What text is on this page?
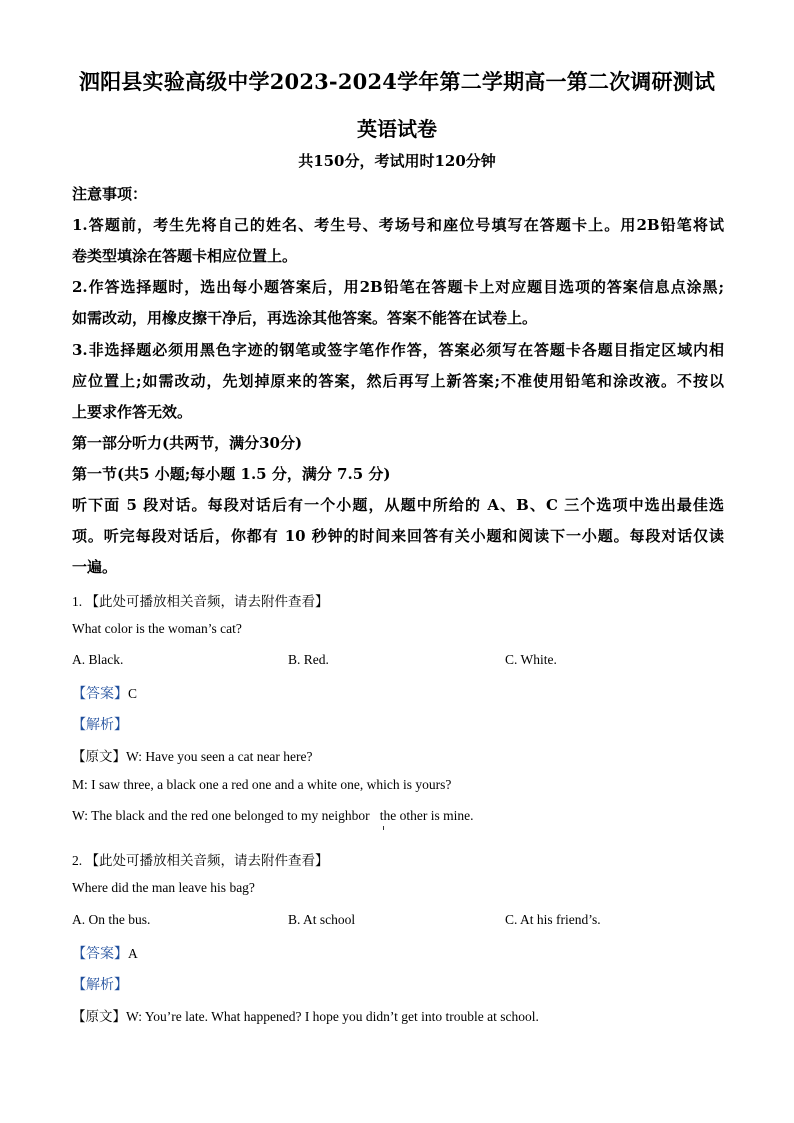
泗阳县实验高级中学2023-2024学年第二学期高一第二次调研测试
英语试卷
共150分，考试用时120分钟
注意事项：
1.答题前，考生先将自己的姓名、考生号、考场号和座位号填写在答题卡上。用2B铅笔将试
卷类型填涂在答题卡相应位置上。
2.作答选择题时，选出每小题答案后，用2B铅笔在答题卡上对应题目选项的答案信息点涂黑;
如需改动，用橡皮擦干净后，再选涂其他答案。答案不能答在试卷上。
3.非选择题必须用黑色字迹的钢笔或签字笔作作答，答案必须写在答题卡各题目指定区域内相
应位置上;如需改动，先划掉原来的答案，然后再写上新答案;不准使用铅笔和涂改液。不按以
上要求作答无效。
第一部分听力(共两节，满分30分)
第一节(共5 小题;每小题 1.5 分，满分 7.5 分)
听下面 5 段对话。每段对话后有一个小题，从题中所给的 A、B、C 三个选项中选出最佳选
项。听完每段对话后，你都有 10 秒钟的时间来回答有关小题和阅读下一小题。每段对话仅读
一遍。
1. 【此处可播放相关音频，请去附件查看】
What color is the woman’s cat?
A. Black.	B. Red.	C. White.
【答案】C
【解析】
【原文】W: Have you seen a cat near here?
M: I saw three, a black one a red one and a white one, which is yours?
W: The black and the red one belonged to my neighbor   the other is mine.
2. 【此处可播放相关音频，请去附件查看】
Where did the man leave his bag?
A. On the bus.	B. At school	C. At his friend’s.
【答案】A
【解析】
【原文】W: You’re late. What happened? I hope you didn’t get into trouble at school.
